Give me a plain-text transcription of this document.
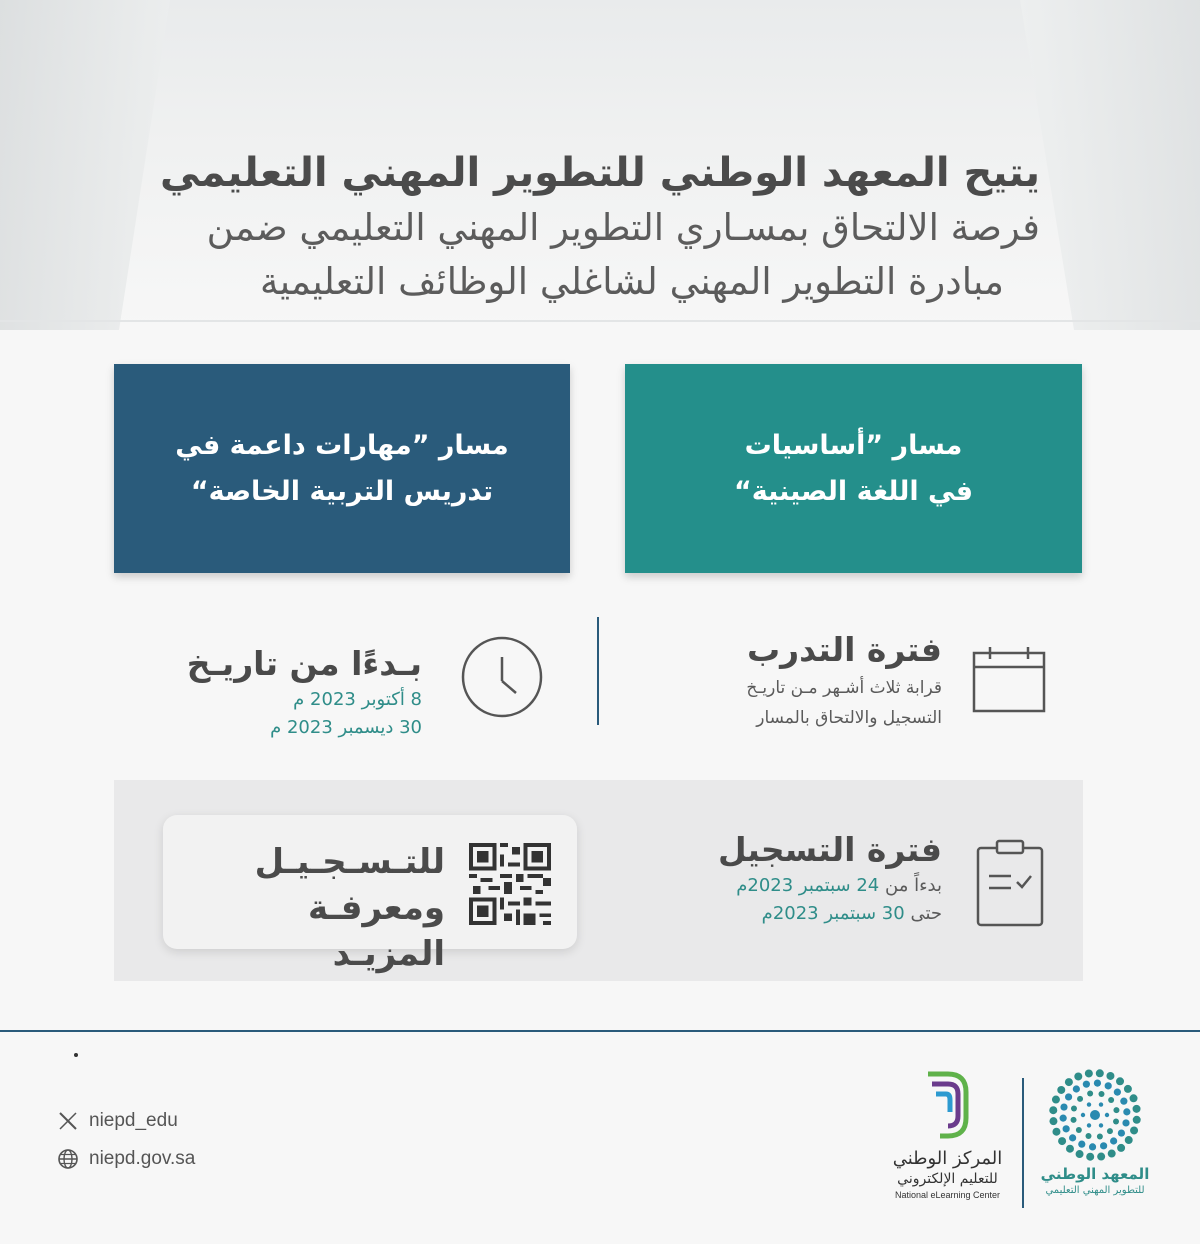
يتيح المعهد الوطني للتطوير المهني التعليمي
فرصة الالتحاق بمسـاري التطوير المهني التعليمي ضمن
مبادرة التطوير المهني لشاغلي الوظائف التعليمية
مسار ”أساسيات
في اللغة الصينية“
مسار ”مهارات داعمة في
تدريس التربية الخاصة“
فترة التدرب
قرابة ثلاث أشـهر مـن تاريـخ
التسجيل والالتحاق بالمسار
بـدءًا من تاريـخ
8 أكتوبر 2023 م
30 ديسمبر 2023 م
فترة التسجيل
بدءاً من 24 سبتمبر 2023م
حتى 30 سبتمبر 2023م
للتـسـجـيـل
ومعرفـة المزيـد
niepd_edu
niepd.gov.sa	المركز الوطني
للتعليم الإلكتروني
National eLearning Center
المعهد الوطني
للتطوير المهني التعليمي
